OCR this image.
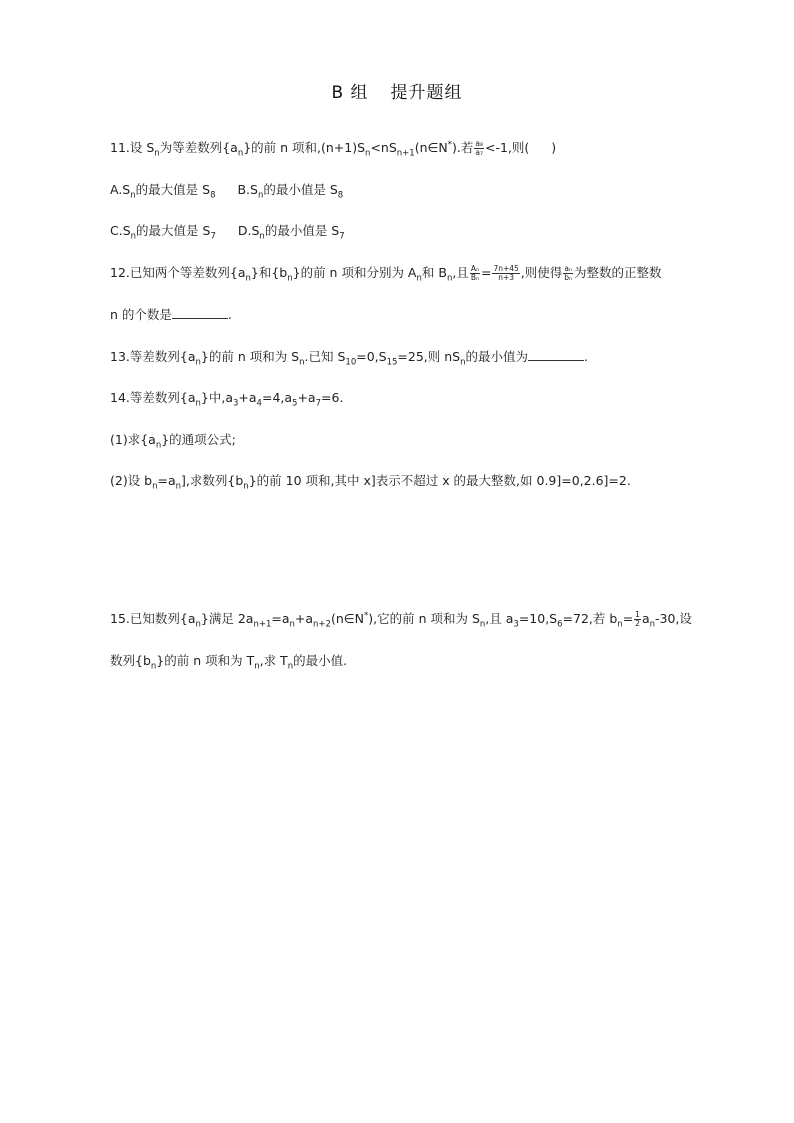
B 组 提升题组
11.设 $S_n$为等差数列$\{a_n\}$的前 n 项和$,(n+1)S_n<nS_{n+1}(n\in N^*)$.若 $\frac{\text{a₈}}{\text{a₇}} <-1$,则( )
$A.S_n$的最大值是 $S_8$ $B.S_n$的最小值是 $S_8$
$C.S_n$的最大值是 $S_7$ $D.S_n$的最小值是 $S_7$
12.已知两个等差数列$\{a_n\}$和$\{b_n\}$的前 n 项和分别为 $A_n$和 $B_n$,且 $\frac{\text{Aₙ}}{\text{Bₙ}} = \frac{7n+45}{n+3}$ ,则使得 $\frac{\text{aₙ}}{\text{bₙ}}$ 为整数的正整数
n 的个数是	.
13.等差数列$\{a_n\}$的前 n 项和为 $S_n$.已知 $S_{10}=0,S_{15}=25$,则 $nS_n$的最小值为	.
14.等差数列$\{a_n\}$中$,a_3+a_4=4,a_5+a_7=6$.
(1)求$\{a_n\}$的通项公式;
(2)设 $b_n=a_n$],求数列$\{b_n\}$的前 10 项和,其中 x]表示不超过 x 的最大整数,如 0.9]=0,2.6]=2.
15.已知数列$\{a_n\}$满足 $2a_{n+1}=a_n+a_{n+2}(n\in N^*)$,它的前 n 项和为 $S_n$,且 $a_3=10,S_6=72$,若 $b_n= \frac{1}{2} a_n-30$,设
数列$\{b_n\}$的前 n 项和为 $T_n$,求 $T_n$的最小值.
